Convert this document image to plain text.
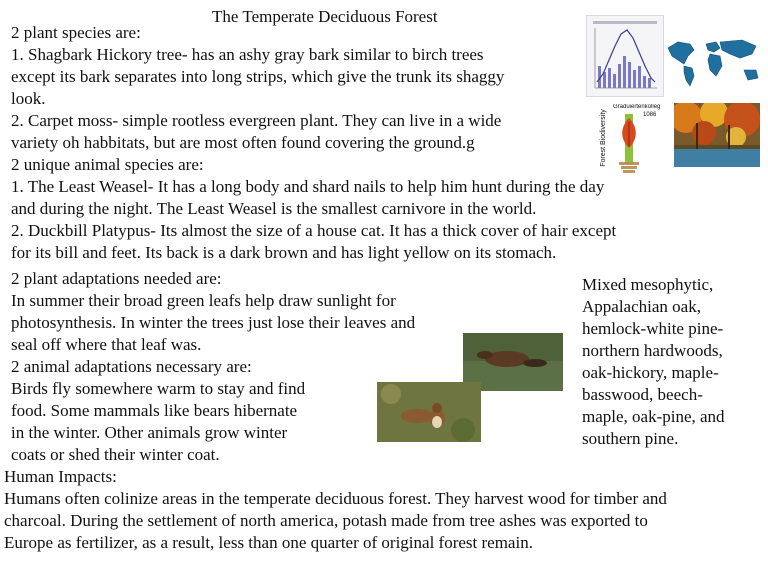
The Temperate Deciduous Forest
2 plant species are:
1. Shagbark Hickory tree- has an ashy gray bark similar to birch trees
except its bark separates into long strips, which give the trunk its shaggy
look.
2. Carpet moss- simple rootless evergreen plant. They can live in a wide
variety oh habbitats, but are most often found covering the ground.g
2 unique animal species are:
1. The Least Weasel- It has a long body and shard nails to help him hunt during the day
and during the night. The Least Weasel is the smallest carnivore in the world.
2. Duckbill Platypus- Its almost the size of a house cat. It has a thick cover of hair except
for its bill and feet. Its back is a dark brown and has light yellow on its stomach.
2 plant adaptations needed are:
In summer their broad green leafs help draw sunlight for
photosynthesis. In winter the trees just lose their leaves and
seal off where that leaf was.
2 animal adaptations necessary are:
Birds fly somewhere warm to stay and find
food. Some mammals like bears hibernate
in the winter. Other animals grow winter
coats or shed their winter coat.
Mixed mesophytic,
Appalachian oak,
hemlock-white pine-
northern hardwoods,
oak-hickory, maple-
basswood, beech-
maple, oak-pine, and
southern pine.
Human Impacts:
Humans often colinize areas in the temperate deciduous forest. They harvest wood for timber and
charcoal. During the settlement of north america, potash made from tree ashes was exported to
Europe as fertilizer, as a result, less than one quarter of original forest remain.
Forest Biodiversity
Graduiertenkolleg
1086
